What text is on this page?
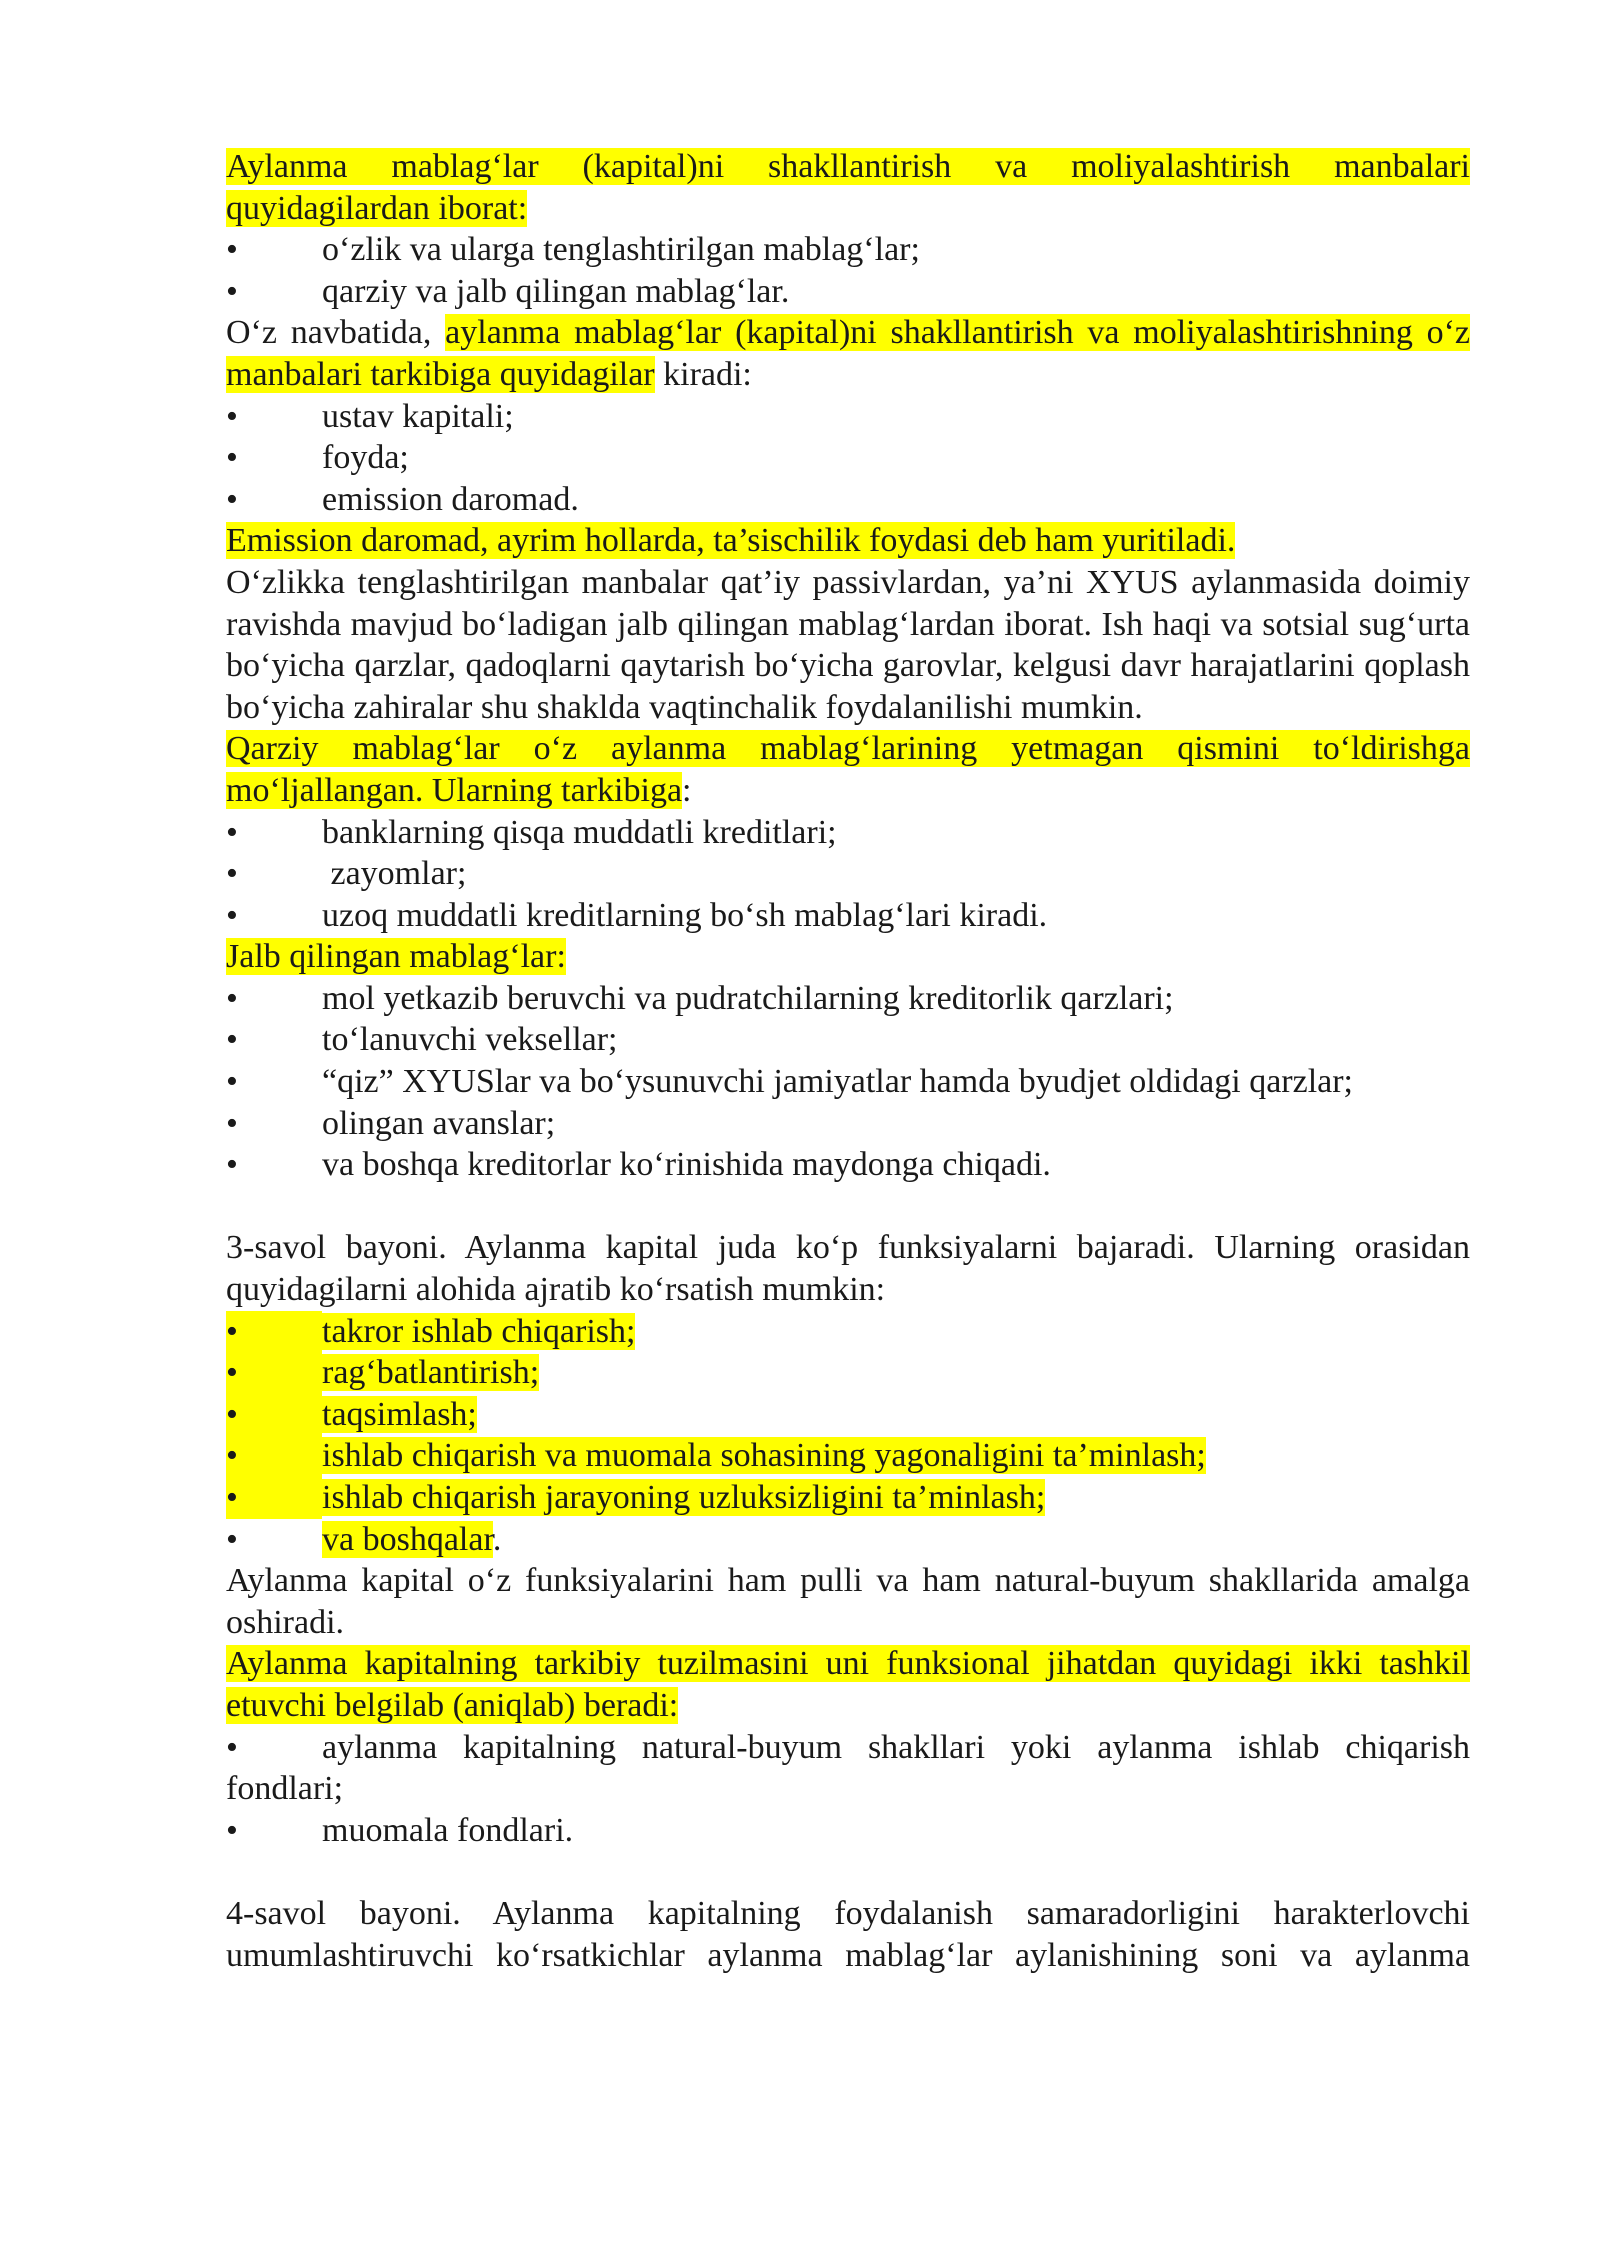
Aylanma mablag‘lar (kapital)ni shakllantirish va moliyalashtirish manbalari quyidagilardan iborat:

•	o‘zlik va ularga tenglashtirilgan mablag‘lar;
•	qarziy va jalb qilingan mablag‘lar.

O‘z navbatida, aylanma mablag‘lar (kapital)ni shakllantirish va moliyalashtirishning o‘z manbalari tarkibiga quyidagilar kiradi:

•	ustav kapitali;
•	foyda;
•	emission daromad.

Emission daromad, ayrim hollarda, ta’sischilik foydasi deb ham yuritiladi.

O‘zlikka tenglashtirilgan manbalar qat’iy passivlardan, ya’ni XYUS aylanmasida doimiy ravishda mavjud bo‘ladigan jalb qilingan mablag‘lardan iborat. Ish haqi va sotsial sug‘urta bo‘yicha qarzlar, qadoqlarni qaytarish bo‘yicha garovlar, kelgusi davr harajatlarini qoplash bo‘yicha zahiralar shu shaklda vaqtinchalik foydalanilishi mumkin.

Qarziy mablag‘lar o‘z aylanma mablag‘larining yetmagan qismini to‘ldirishga mo‘ljallangan. Ularning tarkibiga:

•	banklarning qisqa muddatli kreditlari;
•	zayomlar;
•	uzoq muddatli kreditlarning bo‘sh mablag‘lari kiradi.

Jalb qilingan mablag‘lar:

•	mol yetkazib beruvchi va pudratchilarning kreditorlik qarzlari;
•	to‘lanuvchi veksellar;
•	“qiz” XYUSlar va bo‘ysunuvchi jamiyatlar hamda byudjet oldidagi qarzlar;
•	olingan avanslar;
•	va boshqa kreditorlar ko‘rinishida maydonga chiqadi.

3-savol bayoni. Aylanma kapital juda ko‘p funksiyalarni bajaradi. Ularning orasidan quyidagilarni alohida ajratib ko‘rsatish mumkin:

•	takror ishlab chiqarish;
•	rag‘batlantirish;
•	taqsimlash;
•	ishlab chiqarish va muomala sohasining yagonaligini ta’minlash;
•	ishlab chiqarish jarayoning uzluksizligini ta’minlash;
•	va boshqalar.

Aylanma kapital o‘z funksiyalarini ham pulli va ham natural-buyum shakllarida amalga oshiradi.

Aylanma kapitalning tarkibiy tuzilmasini uni funksional jihatdan quyidagi ikki tashkil etuvchi belgilab (aniqlab) beradi:

• aylanma kapitalning natural-buyum shakllari yoki aylanma ishlab chiqarish fondlari;
•	muomala fondlari.

4-savol bayoni. Aylanma kapitalning foydalanish samaradorligini harakterlovchi umumlashtiruvchi ko‘rsatkichlar aylanma mablag‘lar aylanishining soni va aylanma
